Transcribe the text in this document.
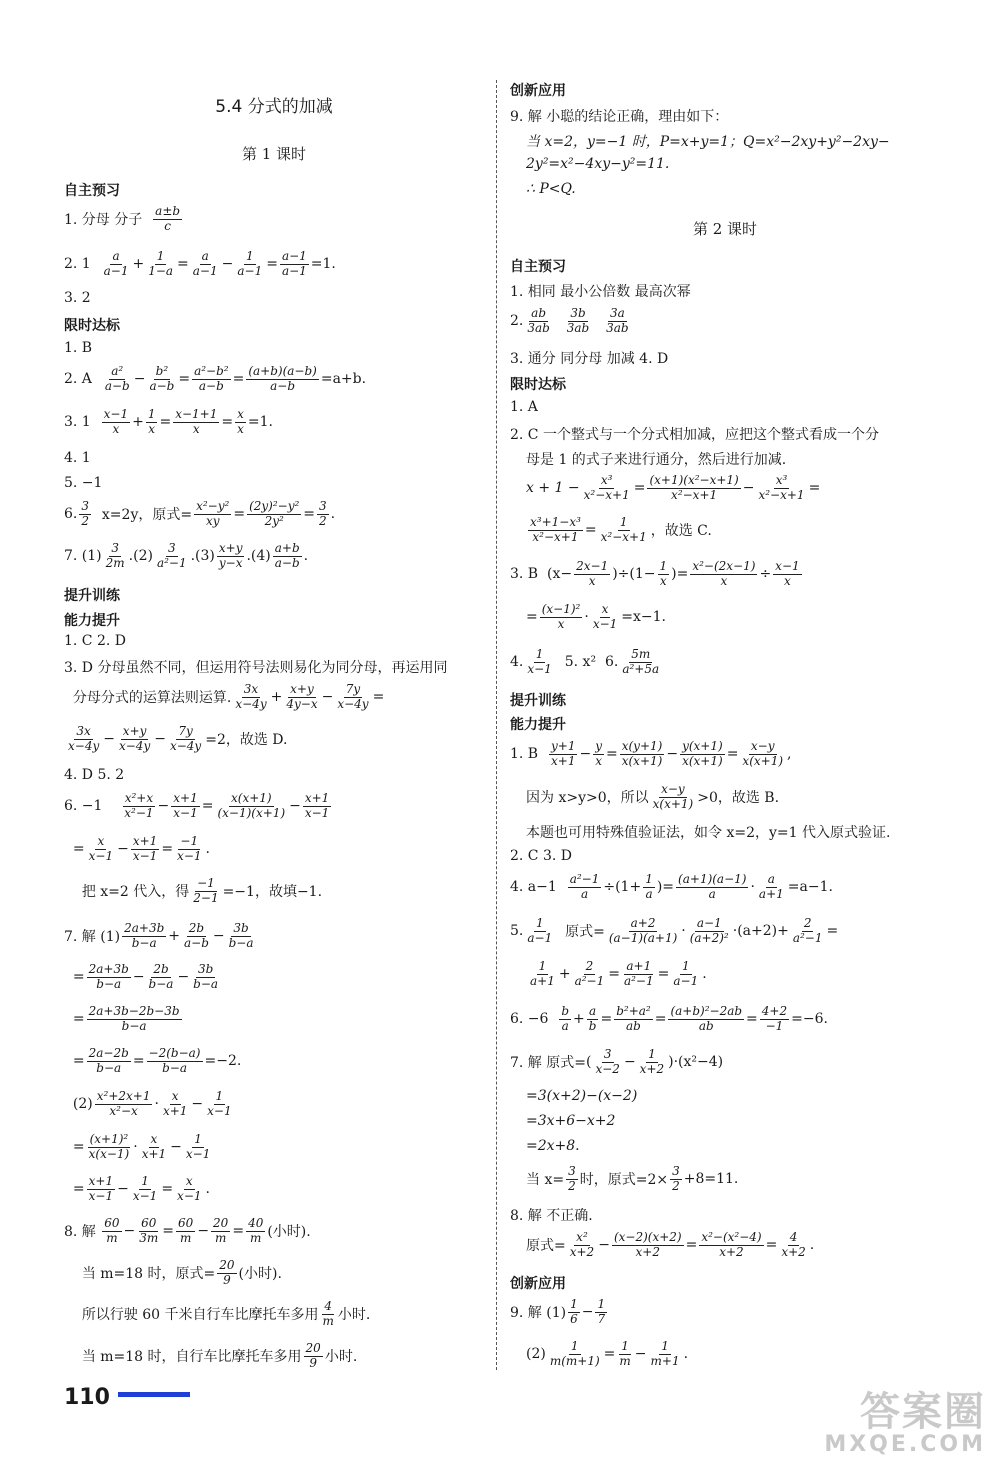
5.4 分式的加减
第 1 课时
自主预习
1. 分母 分子

a±b
c
2. 1

a
a−1 +
1
1−a =
a
a−1 −
1
$a-1 = \frac{a-1}{a-1} =1$.
3. 2
限时达标
1. B
2. A

a²
a−b −
b²
a−b =
a²−b²
$a-b = \frac{(a+b)(a-b)}{a-b} =a+b$.
3. 1

x−1
x +
1
x =
x−1+1
$x = \frac{x}{x} =1$.
4. 1
5. −1
6.
3
2
x=2y，原式= $\frac{\text{x²−y²}}{xy}$ =
(2y)²−y²
2y² =
3
2 .
7. (1)
3
2m .(2)
3
a²−1 .(3)
x+y
y−x .(4)
a+b
a−b .
提升训练
能力提升
1. C 2. D
3. D 分母虽然不同，但运用符号法则易化为同分母，再运用同

分母分式的运算法则运算.
3x
x−4y +
x+y
4y−x −
7y
x−4y =
3x
x−4y −
x+y
$x-4y - \frac{7y}{x-4y} =2$，故选 D.
4. D 5. 2
6. −1

x²+x
x²−1 −
x+1
x−1 =
x(x+1)
(x−1)(x+1) −
x+1
x−1
=
x
x−1 −
x+1
x−1 =
−1
x−1 .

把 x=2 代入，得 $\frac{-1}{2-1} =-1$，故填−1.
7. 解 (1)
2a+3b
b−a +
2b
a−b −
3b
b−a
=
2a+3b
b−a −
2b
b−a −
3b
b−a
=
2a+3b−2b−3b
b−a
=
2a−2b
$b-a = \frac{-2(b-a)}{b-a} =-2$.

(2)
x²+2x+1
x²−x ·
x
x+1 −
1
x−1
=
(x+1)²
x(x−1) ·
x
x+1 −
1
x−1
=
x+1
x−1 −
1
x−1 =
x
x−1 .
8. 解

60
m −
60
3m =
60
m −
20
m =
40
m (小时).

当 m=18 时，原式= $\frac{20}{9}$ (小时).

所以行驶 60 千米自行车比摩托车多用
4
m 小时.

当 m=18 时，自行车比摩托车多用
20
9 小时.
创新应用
9. 解 小聪的结论正确，理由如下：
当 x=2，y=−1 时，P=x+y=1；Q=x²−2xy+y²−2xy−
2y²=x²−4xy−y²=11.
∴ P<Q.
第 2 课时
自主预习
1. 相同 最小公倍数 最高次幂
2.
ab
3ab

3b
3ab

3a
3ab
3. 通分 同分母 加减 4. D
限时达标
1. A
2. C 一个整式与一个分式相加减，应把这个整式看成一个分
母是 1 的式子来进行通分，然后进行加减.
$x + 1 - \frac{\text{x³}}{\text{x²−x+1}}$ =
(x+1)(x²−x+1)
x²−x+1 −
x³
x²−x+1 =
x³+1−x³
x²−x+1 =
1
x²−x+1 ，故选 C.
3. B (x−
2x−1
x )÷(1−
1
x )=
x²−(2x−1)
x ÷
x−1
x
=
(x−1)²
$x \cdot \frac{x}{x-1} =x-1$.
4.
1
x−1
5. x²
6.
5m
a²+5a
提升训练
能力提升
1. B

y+1
x+1 −
y
x =
x(y+1)
x(x+1) −
y(x+1)
x(x+1) =
x−y
x(x+1) ,
因为 x>y>0，所以
x−y
x(x+1) >0，故选 B.
本题也可用特殊值验证法，如令 x=2，y=1 代入原式验证.
2. C 3. D
4. a−1

a²−1
a ÷(1+
1
a )=
(a+1)(a−1)
$a \cdot \frac{a}{a+1} =a-1$.
5.
1
a−1
原式= $\frac{a+2}{(a-1)(a+1)}$ ·
a−1
(a+2)² ·(a+2)+
2
a²−1 =
1
a+1 +
2
a²−1 =
a+1
a²−1 =
1
a−1 .
6. −6

b
a +
a
b =
b²+a²
ab =
(a+b)²−2ab
ab = $\frac{4+2}{-1} =-6$.
7. 解 原式= ( $\frac{3}{x-2}$ −
1
x+2 )·(x²−4)
=3(x+2)−(x−2)
=3x+6−x+2
=2x+8.
当 $x= \frac{3}{2}$ 时，原式$=2\times \frac{3}{2} +8=11$.
8. 解 不正确.
原式= $\frac{\text{x²}}{x+2}$ −
(x−2)(x+2)
x+2 =
x²−(x²−4)
x+2 =
4
x+2 .
创新应用
9. 解 (1)
1
6 −
1
7
(2)
1
m(m+1) =
1
m −
1
m+1 .
110	答案圈
MXQE.COM
